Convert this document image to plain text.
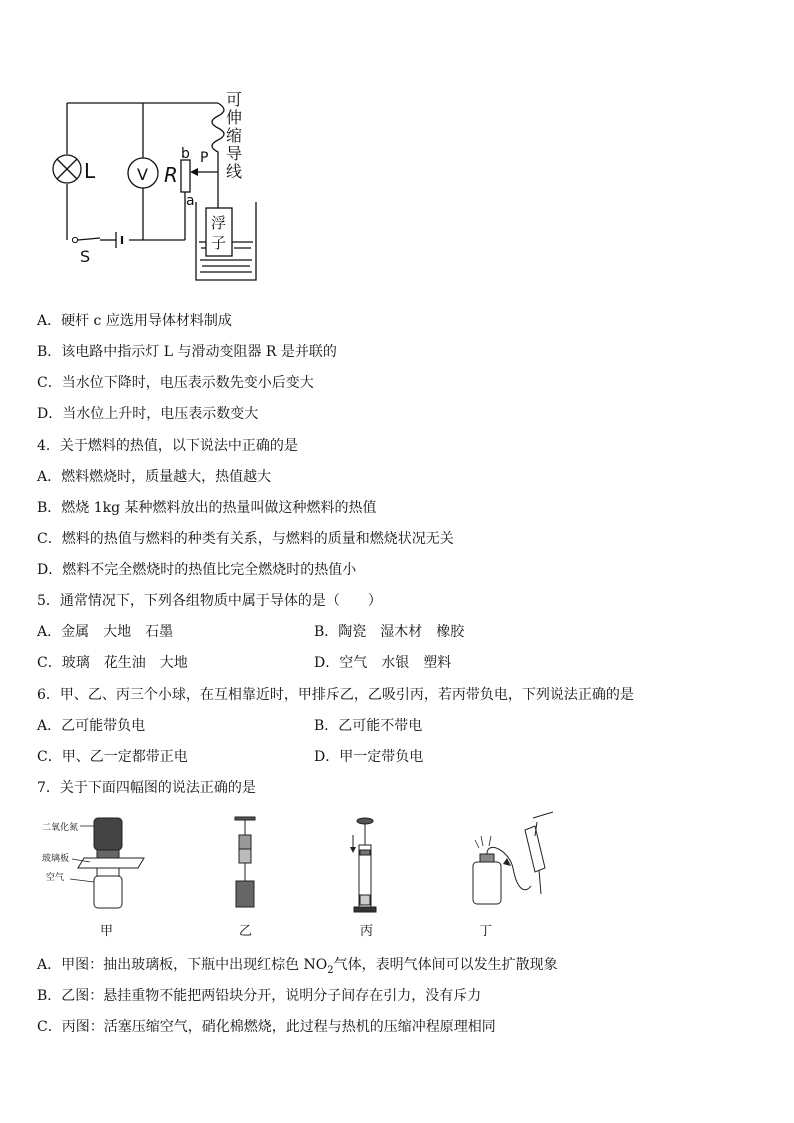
L	V R
b
a
P
S
可
伸
缩
导
线
浮
子
A．硬杆 c 应选用导体材料制成
B．该电路中指示灯 L 与滑动变阻器 R 是并联的
C．当水位下降时，电压表示数先变小后变大
D．当水位上升时，电压表示数变大
4．关于燃料的热值，以下说法中正确的是
A．燃料燃烧时，质量越大，热值越大
B．燃烧 1kg 某种燃料放出的热量叫做这种燃料的热值
C．燃料的热值与燃料的种类有关系，与燃料的质量和燃烧状况无关
D．燃料不完全燃烧时的热值比完全燃烧时的热值小
5．通常情况下，下列各组物质中属于导体的是（　　）
A．金属　大地　石墨	B．陶瓷　湿木材　橡胶
C．玻璃　花生油　大地	D．空气　水银　塑料
6．甲、乙、丙三个小球，在互相靠近时，甲排斥乙，乙吸引丙，若丙带负电，下列说法正确的是
A．乙可能带负电	B．乙可能不带电
C．甲、乙一定都带正电	D．甲一定带负电
7．关于下面四幅图的说法正确的是
二氧化氮
玻璃板
空气
甲	乙	丙	丁
A．甲图：抽出玻璃板，下瓶中出现红棕色 $NO_2$气体，表明气体间可以发生扩散现象
B．乙图：悬挂重物不能把两铅块分开，说明分子间存在引力，没有斥力
C．丙图：活塞压缩空气，硝化棉燃烧，此过程与热机的压缩冲程原理相同
